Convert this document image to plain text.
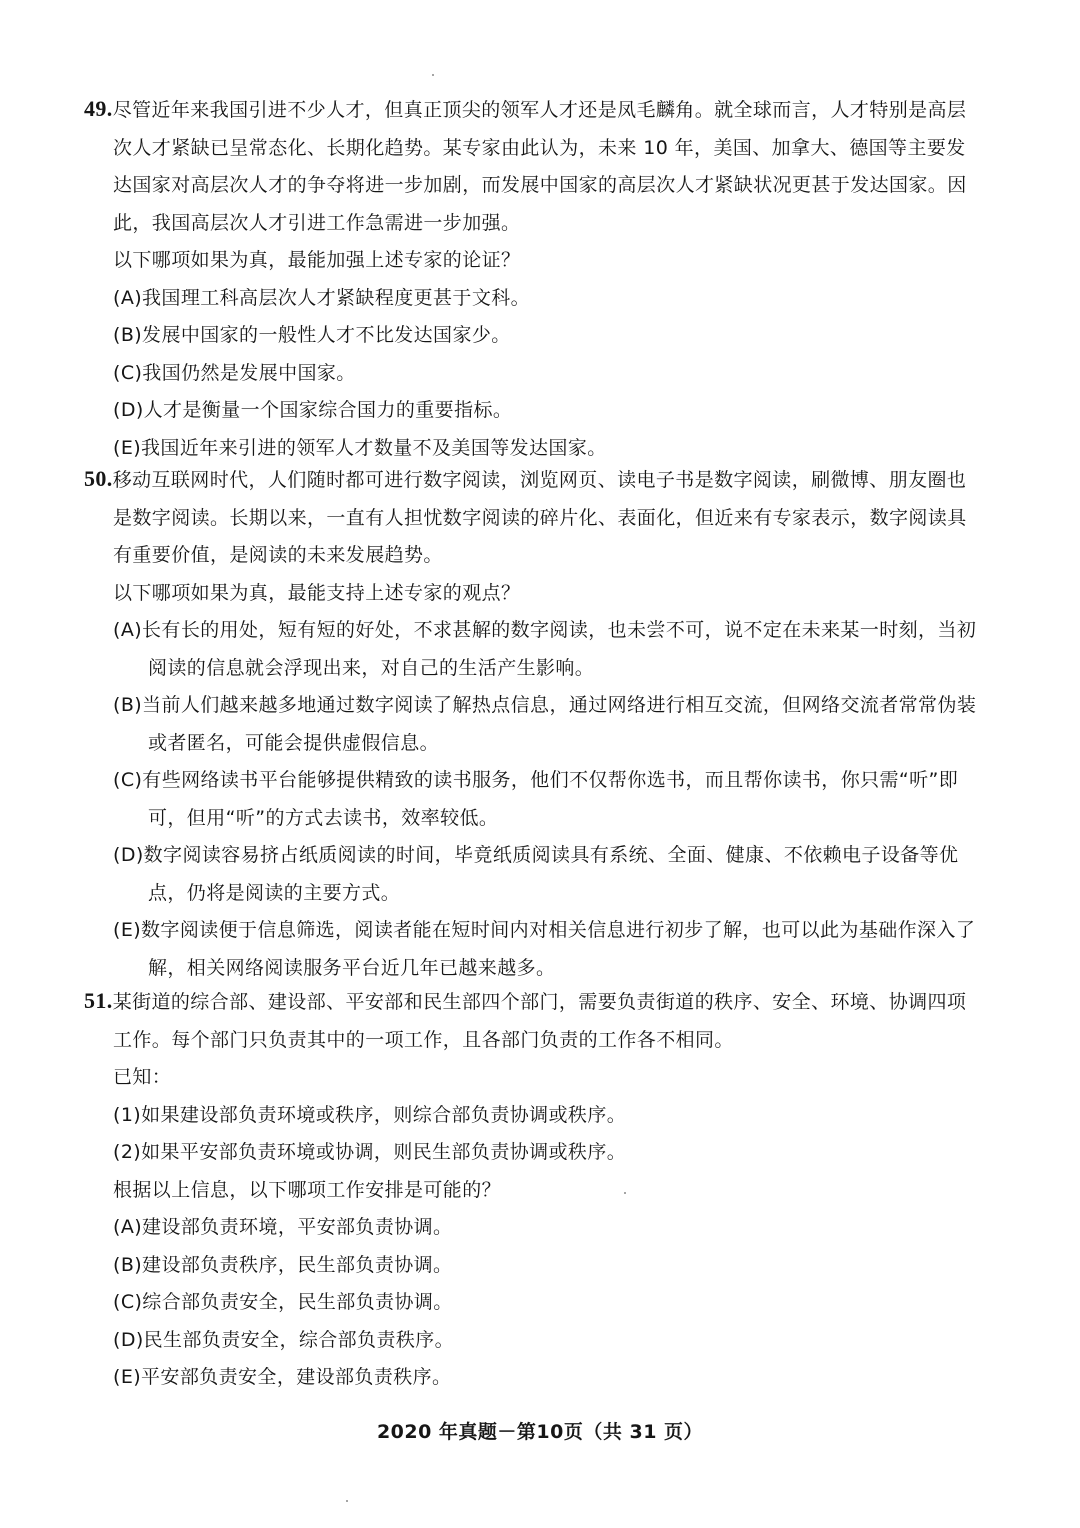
49.尽管近年来我国引进不少人才，但真正顶尖的领军人才还是凤毛麟角。就全球而言，人才特别是高层次人才紧缺已呈常态化、长期化趋势。某专家由此认为，未来 10 年，美国、加拿大、德国等主要发达国家对高层次人才的争夺将进一步加剧，而发展中国家的高层次人才紧缺状况更甚于发达国家。因此，我国高层次人才引进工作急需进一步加强。

以下哪项如果为真，最能加强上述专家的论证？

(A)我国理工科高层次人才紧缺程度更甚于文科。

(B)发展中国家的一般性人才不比发达国家少。

(C)我国仍然是发展中国家。

(D)人才是衡量一个国家综合国力的重要指标。

(E)我国近年来引进的领军人才数量不及美国等发达国家。

50.移动互联网时代，人们随时都可进行数字阅读，浏览网页、读电子书是数字阅读，刷微博、朋友圈也是数字阅读。长期以来，一直有人担忧数字阅读的碎片化、表面化，但近来有专家表示，数字阅读具有重要价值，是阅读的未来发展趋势。

以下哪项如果为真，最能支持上述专家的观点？

(A)长有长的用处，短有短的好处，不求甚解的数字阅读，也未尝不可，说不定在未来某一时刻，当初阅读的信息就会浮现出来，对自己的生活产生影响。

(B)当前人们越来越多地通过数字阅读了解热点信息，通过网络进行相互交流，但网络交流者常常伪装或者匿名，可能会提供虚假信息。

(C)有些网络读书平台能够提供精致的读书服务，他们不仅帮你选书，而且帮你读书，你只需“听”即可，但用“听”的方式去读书，效率较低。

(D)数字阅读容易挤占纸质阅读的时间，毕竟纸质阅读具有系统、全面、健康、不依赖电子设备等优点，仍将是阅读的主要方式。

(E)数字阅读便于信息筛选，阅读者能在短时间内对相关信息进行初步了解，也可以此为基础作深入了解，相关网络阅读服务平台近几年已越来越多。

51.某街道的综合部、建设部、平安部和民生部四个部门，需要负责街道的秩序、安全、环境、协调四项工作。每个部门只负责其中的一项工作，且各部门负责的工作各不相同。

已知：

(1)如果建设部负责环境或秩序，则综合部负责协调或秩序。

(2)如果平安部负责环境或协调，则民生部负责协调或秩序。

根据以上信息，以下哪项工作安排是可能的？

(A)建设部负责环境，平安部负责协调。

(B)建设部负责秩序，民生部负责协调。

(C)综合部负责安全，民生部负责协调。

(D)民生部负责安全，综合部负责秩序。

(E)平安部负责安全，建设部负责秩序。

2020 年真题－第10页（共 31 页）
